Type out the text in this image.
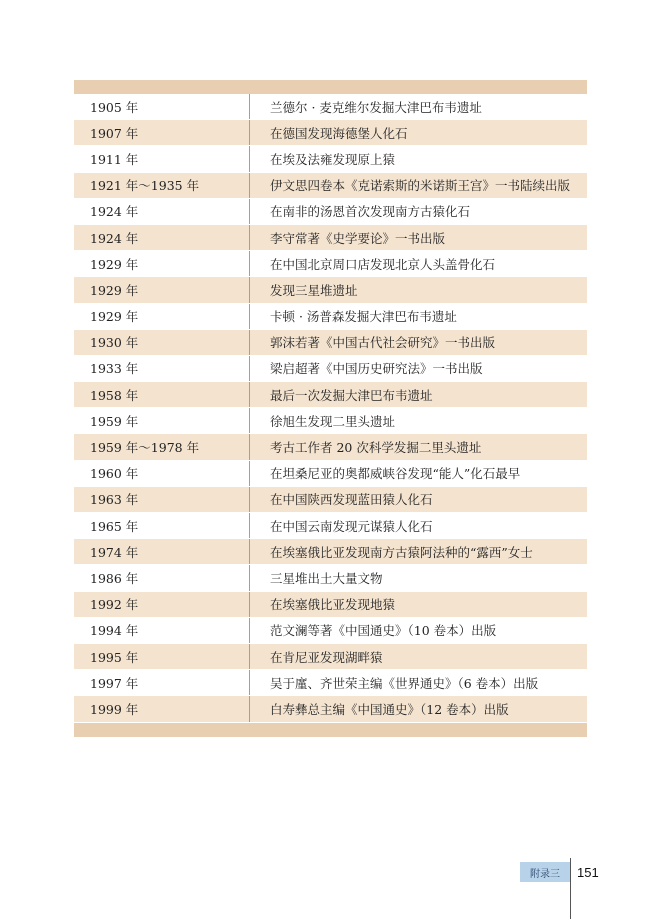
1905 年	兰德尔 · 麦克维尔发掘大津巴布韦遗址
1907 年	在德国发现海德堡人化石
1911 年	在埃及法雍发现原上猿
1921 年～1935 年	伊文思四卷本《克诺索斯的米诺斯王宫》一书陆续出版
1924 年	在南非的汤恩首次发现南方古猿化石
1924 年	李守常著《史学要论》一书出版
1929 年	在中国北京周口店发现北京人头盖骨化石
1929 年	发现三星堆遗址
1929 年	卡顿 · 汤普森发掘大津巴布韦遗址
1930 年	郭沫若著《中国古代社会研究》一书出版
1933 年	梁启超著《中国历史研究法》一书出版
1958 年	最后一次发掘大津巴布韦遗址
1959 年	徐旭生发现二里头遗址
1959 年～1978 年	考古工作者 20 次科学发掘二里头遗址
1960 年	在坦桑尼亚的奥都威峡谷发现“能人”化石最早
1963 年	在中国陕西发现蓝田猿人化石
1965 年	在中国云南发现元谋猿人化石
1974 年	在埃塞俄比亚发现南方古猿阿法种的“露西”女士
1986 年	三星堆出土大量文物
1992 年	在埃塞俄比亚发现地猿
1994 年	范文澜等著《中国通史》（10 卷本）出版
1995 年	在肯尼亚发现湖畔猿
1997 年	吴于廑、齐世荣主编《世界通史》（6 卷本）出版
1999 年	白寿彝总主编《中国通史》（12 卷本）出版
附录三	151
